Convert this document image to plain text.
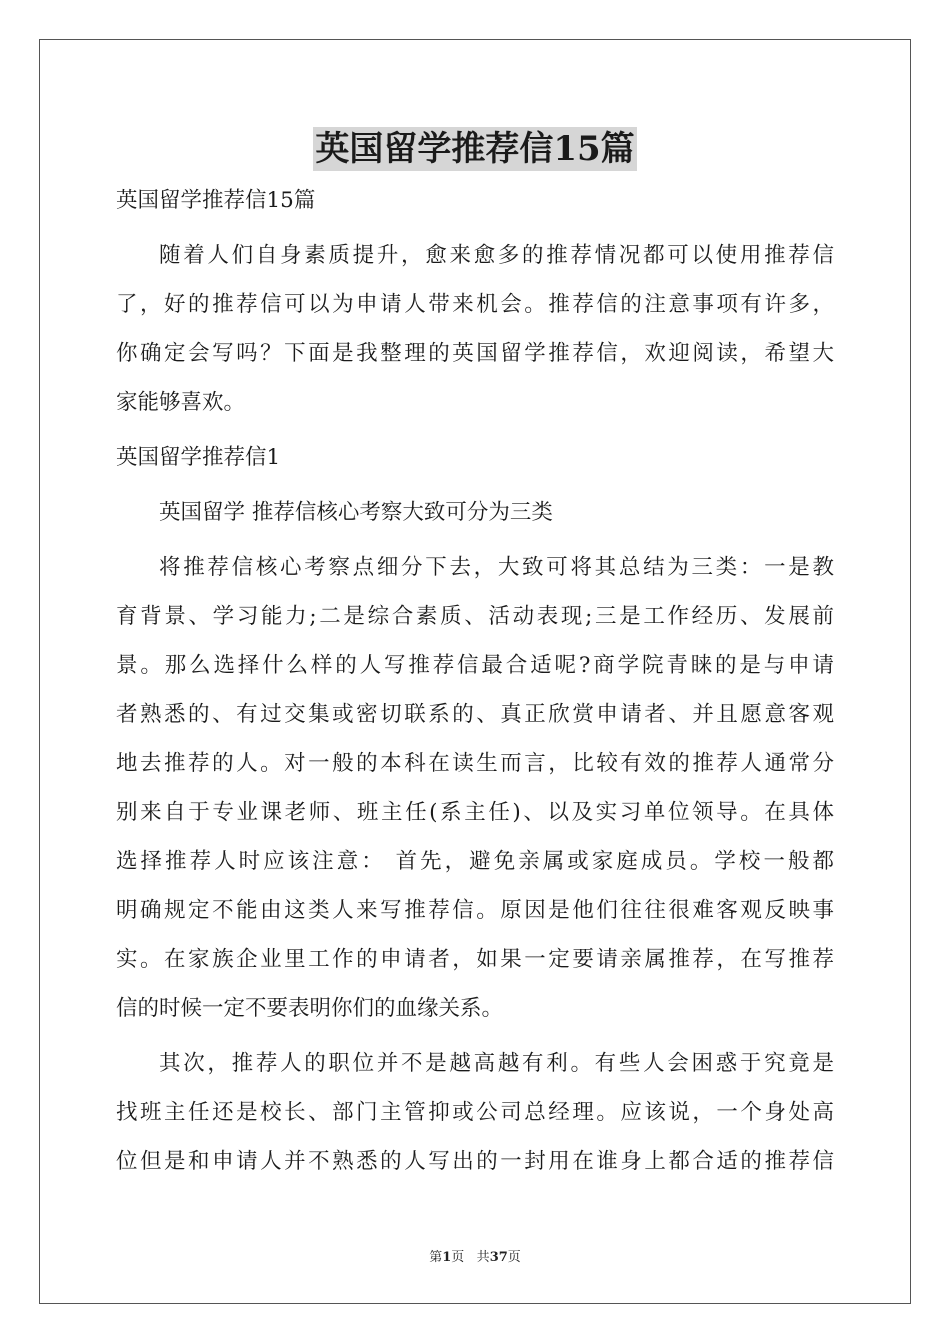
英国留学推荐信15篇
英国留学推荐信15篇
随着人们自身素质提升，愈来愈多的推荐情况都可以使用推荐信
了，好的推荐信可以为申请人带来机会。推荐信的注意事项有许多，
你确定会写吗？下面是我整理的英国留学推荐信，欢迎阅读，希望大
家能够喜欢。
英国留学推荐信1
英国留学 推荐信核心考察大致可分为三类
将推荐信核心考察点细分下去，大致可将其总结为三类：一是教
育背景、学习能力;二是综合素质、活动表现;三是工作经历、发展前
景。那么选择什么样的人写推荐信最合适呢?商学院青睐的是与申请
者熟悉的、有过交集或密切联系的、真正欣赏申请者、并且愿意客观
地去推荐的人。对一般的本科在读生而言，比较有效的推荐人通常分
别来自于专业课老师、班主任(系主任)、以及实习单位领导。在具体
选择推荐人时应该注意： 首先，避免亲属或家庭成员。学校一般都
明确规定不能由这类人来写推荐信。原因是他们往往很难客观反映事
实。在家族企业里工作的申请者，如果一定要请亲属推荐，在写推荐
信的时候一定不要表明你们的血缘关系。
其次，推荐人的职位并不是越高越有利。有些人会困惑于究竟是
找班主任还是校长、部门主管抑或公司总经理。应该说，一个身处高
位但是和申请人并不熟悉的人写出的一封用在谁身上都合适的推荐信
第1页 共37页
